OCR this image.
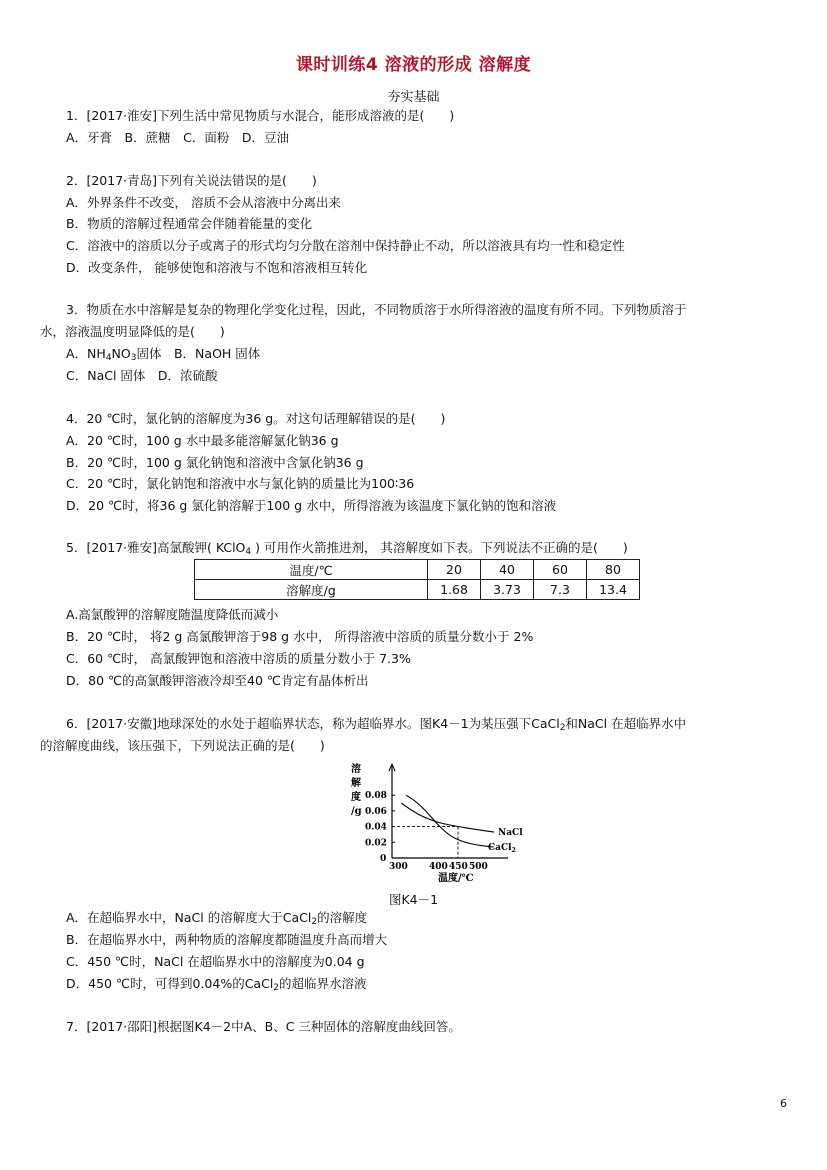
课时训练4 溶液的形成 溶解度
夯实基础
1．[2017·淮安]下列生活中常见物质与水混合，能形成溶液的是(　　)
A．牙膏　B．蔗糖　C．面粉　D．豆油
2．[2017·青岛]下列有关说法错误的是(　　)
A．外界条件不改变， 溶质不会从溶液中分离出来
B．物质的溶解过程通常会伴随着能量的变化
C．溶液中的溶质以分子或离子的形式均匀分散在溶剂中保持静止不动，所以溶液具有均一性和稳定性
D．改变条件， 能够使饱和溶液与不饱和溶液相互转化
3．物质在水中溶解是复杂的物理化学变化过程，因此，不同物质溶于水所得溶液的温度有所不同。下列物质溶于
水，溶液温度明显降低的是(　　)
A．$NH_4NO_3$固体　B．NaOH 固体
C．NaCl 固体　D．浓硫酸
4．20 ℃时，氯化钠的溶解度为36 g。对这句话理解错误的是(　　)
A．20 ℃时，100 g 水中最多能溶解氯化钠36 g
B．20 ℃时，100 g 氯化钠饱和溶液中含氯化钠36 g
C．20 ℃时，氯化钠饱和溶液中水与氯化钠的质量比为100∶36
D．20 ℃时，将36 g 氯化钠溶解于100 g 水中，所得溶液为该温度下氯化钠的饱和溶液
5．[2017·雅安]高氯酸钾( KClO$_4$ ) 可用作火箭推进剂， 其溶解度如下表。下列说法不正确的是(　　)
温度/℃	20	40	60	80
溶解度/g	1.68	3.73	7.3	13.4
A.高氯酸钾的溶解度随温度降低而减小
B．20 ℃时， 将2 g 高氯酸钾溶于98 g 水中， 所得溶液中溶质的质量分数小于 2%
C．60 ℃时， 高氯酸钾饱和溶液中溶质的质量分数小于 7.3%
D．80 ℃的高氯酸钾溶液冷却至40 ℃肯定有晶体析出
6．[2017·安徽]地球深处的水处于超临界状态，称为超临界水。图K4－1为某压强下CaCl$_2$和NaCl 在超临界水中
的溶解度曲线，该压强下，下列说法正确的是(　　)
溶
解
度
/g
0
0.02
0.04
0.06
0.08
300 400 450 500
温度/℃
NaCl
CaCl$_2$
图K4－1
A．在超临界水中，NaCl 的溶解度大于CaCl$_2$的溶解度
B．在超临界水中，两种物质的溶解度都随温度升高而增大
C．450 ℃时，NaCl 在超临界水中的溶解度为0.04 g
D．450 ℃时，可得到0.04%的CaCl$_2$的超临界水溶液
7．[2017·邵阳]根据图K4－2中A、B、C 三种固体的溶解度曲线回答。
6
